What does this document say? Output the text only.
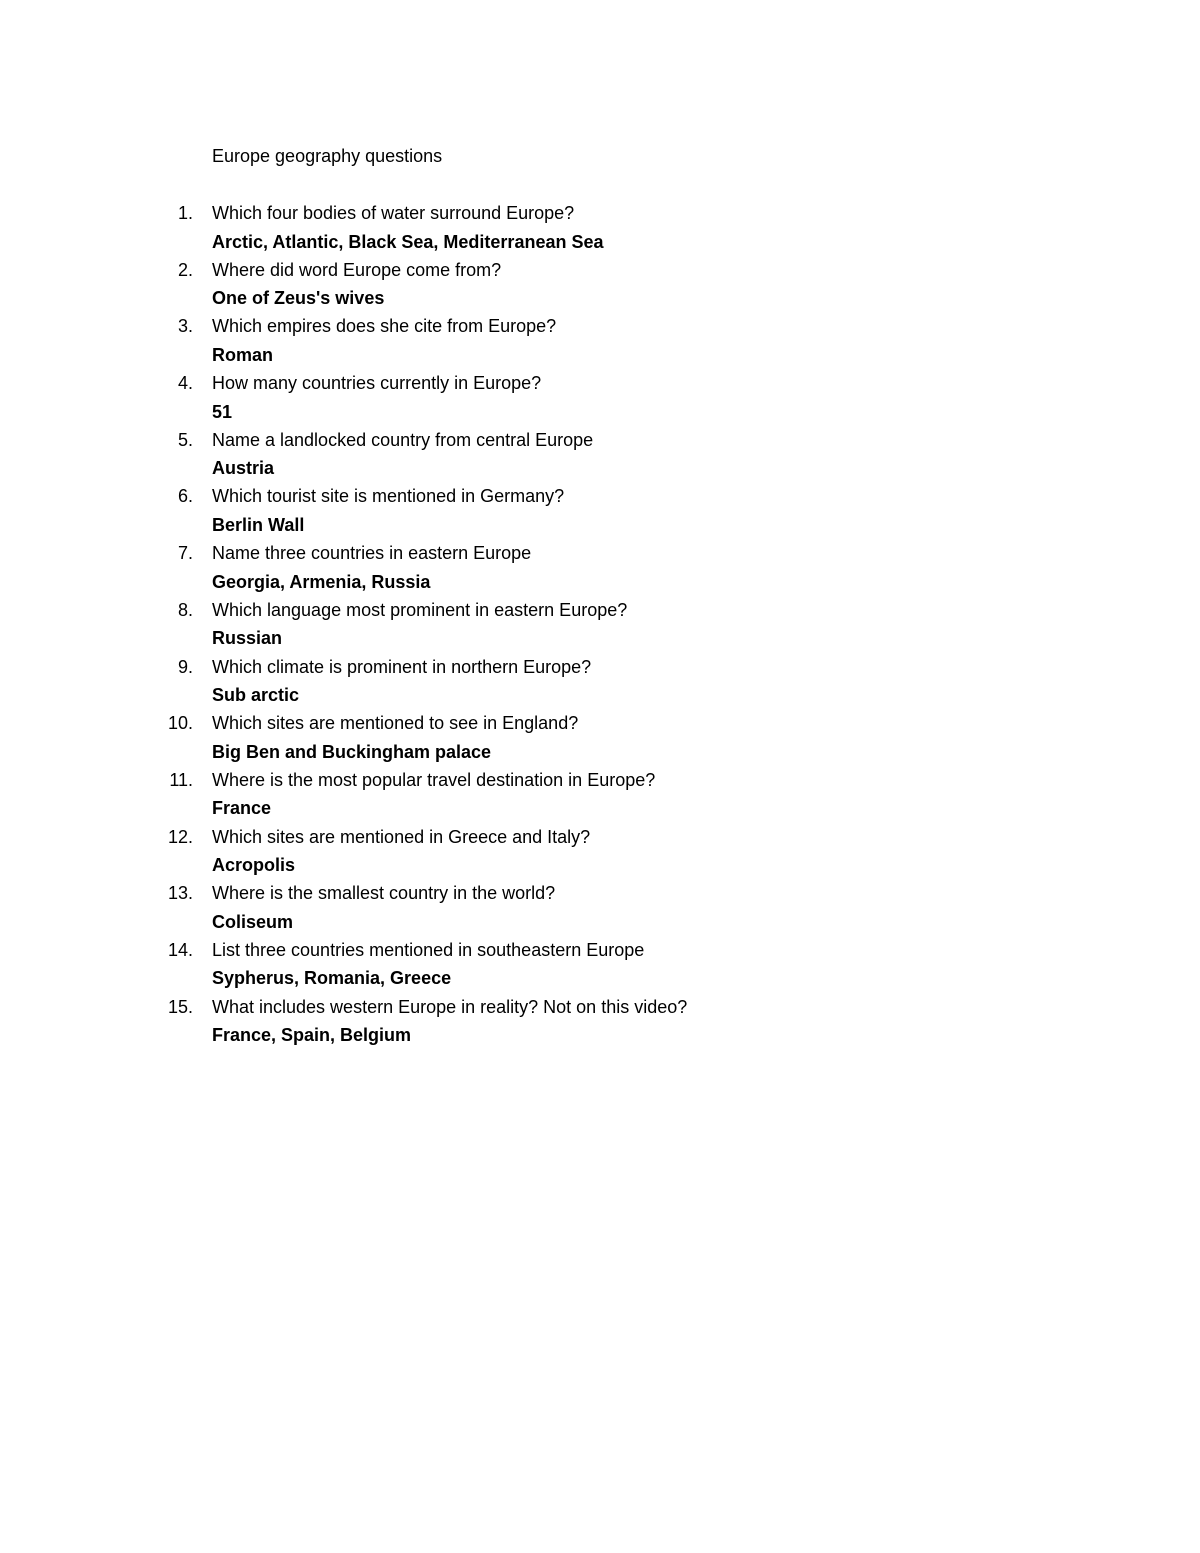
Europe geography questions
1. Which four bodies of water surround Europe?
Arctic, Atlantic, Black Sea, Mediterranean Sea
2. Where did word Europe come from?
One of Zeus's wives
3. Which empires does she cite from Europe?
Roman
4. How many countries currently in Europe?
51
5. Name a landlocked country from central Europe
Austria
6. Which tourist site is mentioned in Germany?
Berlin Wall
7. Name three countries in eastern Europe
Georgia, Armenia, Russia
8. Which language most prominent in eastern Europe?
Russian
9. Which climate is prominent in northern Europe?
Sub arctic
10. Which sites are mentioned to see in England?
Big Ben and Buckingham palace
11. Where is the most popular travel destination in Europe?
France
12. Which sites are mentioned in Greece and Italy?
Acropolis
13. Where is the smallest country in the world?
Coliseum
14. List three countries mentioned in southeastern Europe
Sypherus, Romania, Greece
15. What includes western Europe in reality? Not on this video?
France, Spain, Belgium
